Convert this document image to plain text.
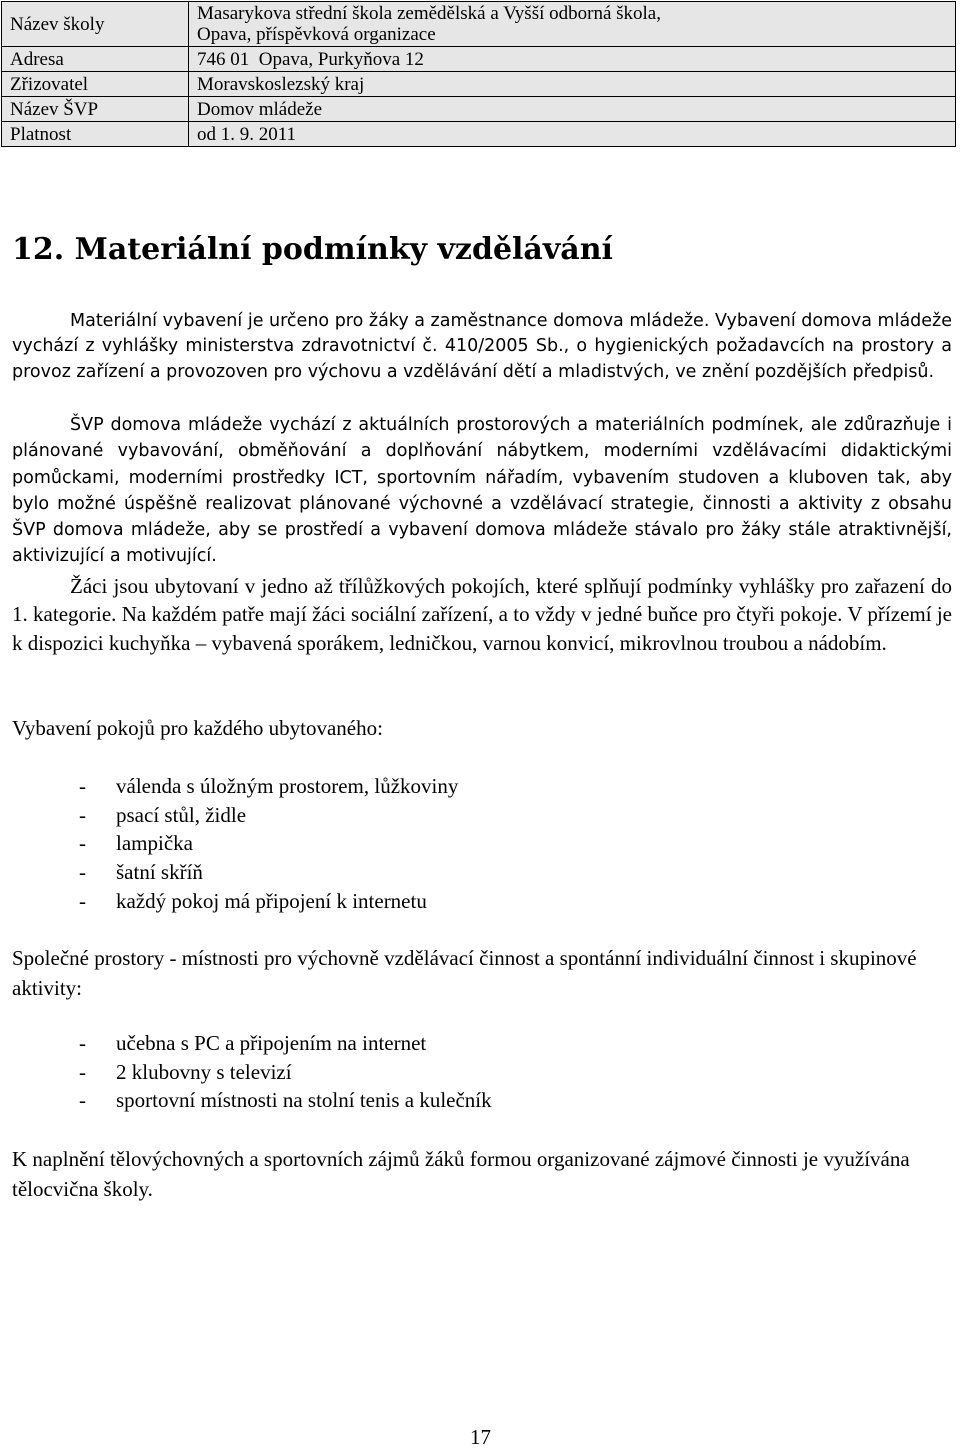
Název školy	Masarykova střední škola zemědělská a Vyšší odborná škola,
Opava, příspěvková organizace

Adresa	746 01  Opava, Purkyňova 12
Zřizovatel	Moravskoslezský kraj
Název ŠVP	Domov mládeže
Platnost	od 1. 9. 2011
12. Materiální podmínky vzdělávání

Materiální vybavení je určeno pro žáky a zaměstnance domova mládeže. Vybavení domova mládeže vychází z vyhlášky ministerstva zdravotnictví č. 410/2005 Sb., o hygienických požadavcích na prostory a provoz zařízení a provozoven pro výchovu a vzdělávání dětí a mladistvých, ve znění pozdějších předpisů.

ŠVP domova mládeže vychází z aktuálních prostorových a materiálních podmínek, ale zdůrazňuje i plánované vybavování, obměňování a doplňování nábytkem, moderními vzdělávacími didaktickými pomůckami, moderními prostředky ICT, sportovním nářadím, vybavením studoven a kluboven tak, aby bylo možné úspěšně realizovat plánované výchovné a vzdělávací strategie, činnosti a aktivity z obsahu ŠVP domova mládeže, aby se prostředí a vybavení domova mládeže stávalo pro žáky stále atraktivnější, aktivizující a motivující.

Žáci jsou ubytovaní v jedno až třílůžkových pokojích, které splňují podmínky vyhlášky pro zařazení do 1. kategorie. Na každém patře mají žáci sociální zařízení, a to vždy v jedné buňce pro čtyři pokoje. V přízemí je k dispozici kuchyňka – vybavená sporákem, ledničkou, varnou konvicí, mikrovlnou troubou a nádobím.

Vybavení pokojů pro každého ubytovaného:

- válenda s úložným prostorem, lůžkoviny
- psací stůl, židle
- lampička
- šatní skříň
- každý pokoj má připojení k internetu

Společné prostory - místnosti pro výchovně vzdělávací činnost a spontánní individuální činnost i skupinové aktivity:

- učebna s PC a připojením na internet
- 2 klubovny s televizí
- sportovní místnosti na stolní tenis a kulečník

K naplnění tělovýchovných a sportovních zájmů žáků formou organizované zájmové činnosti je využívána tělocvična školy.

17
